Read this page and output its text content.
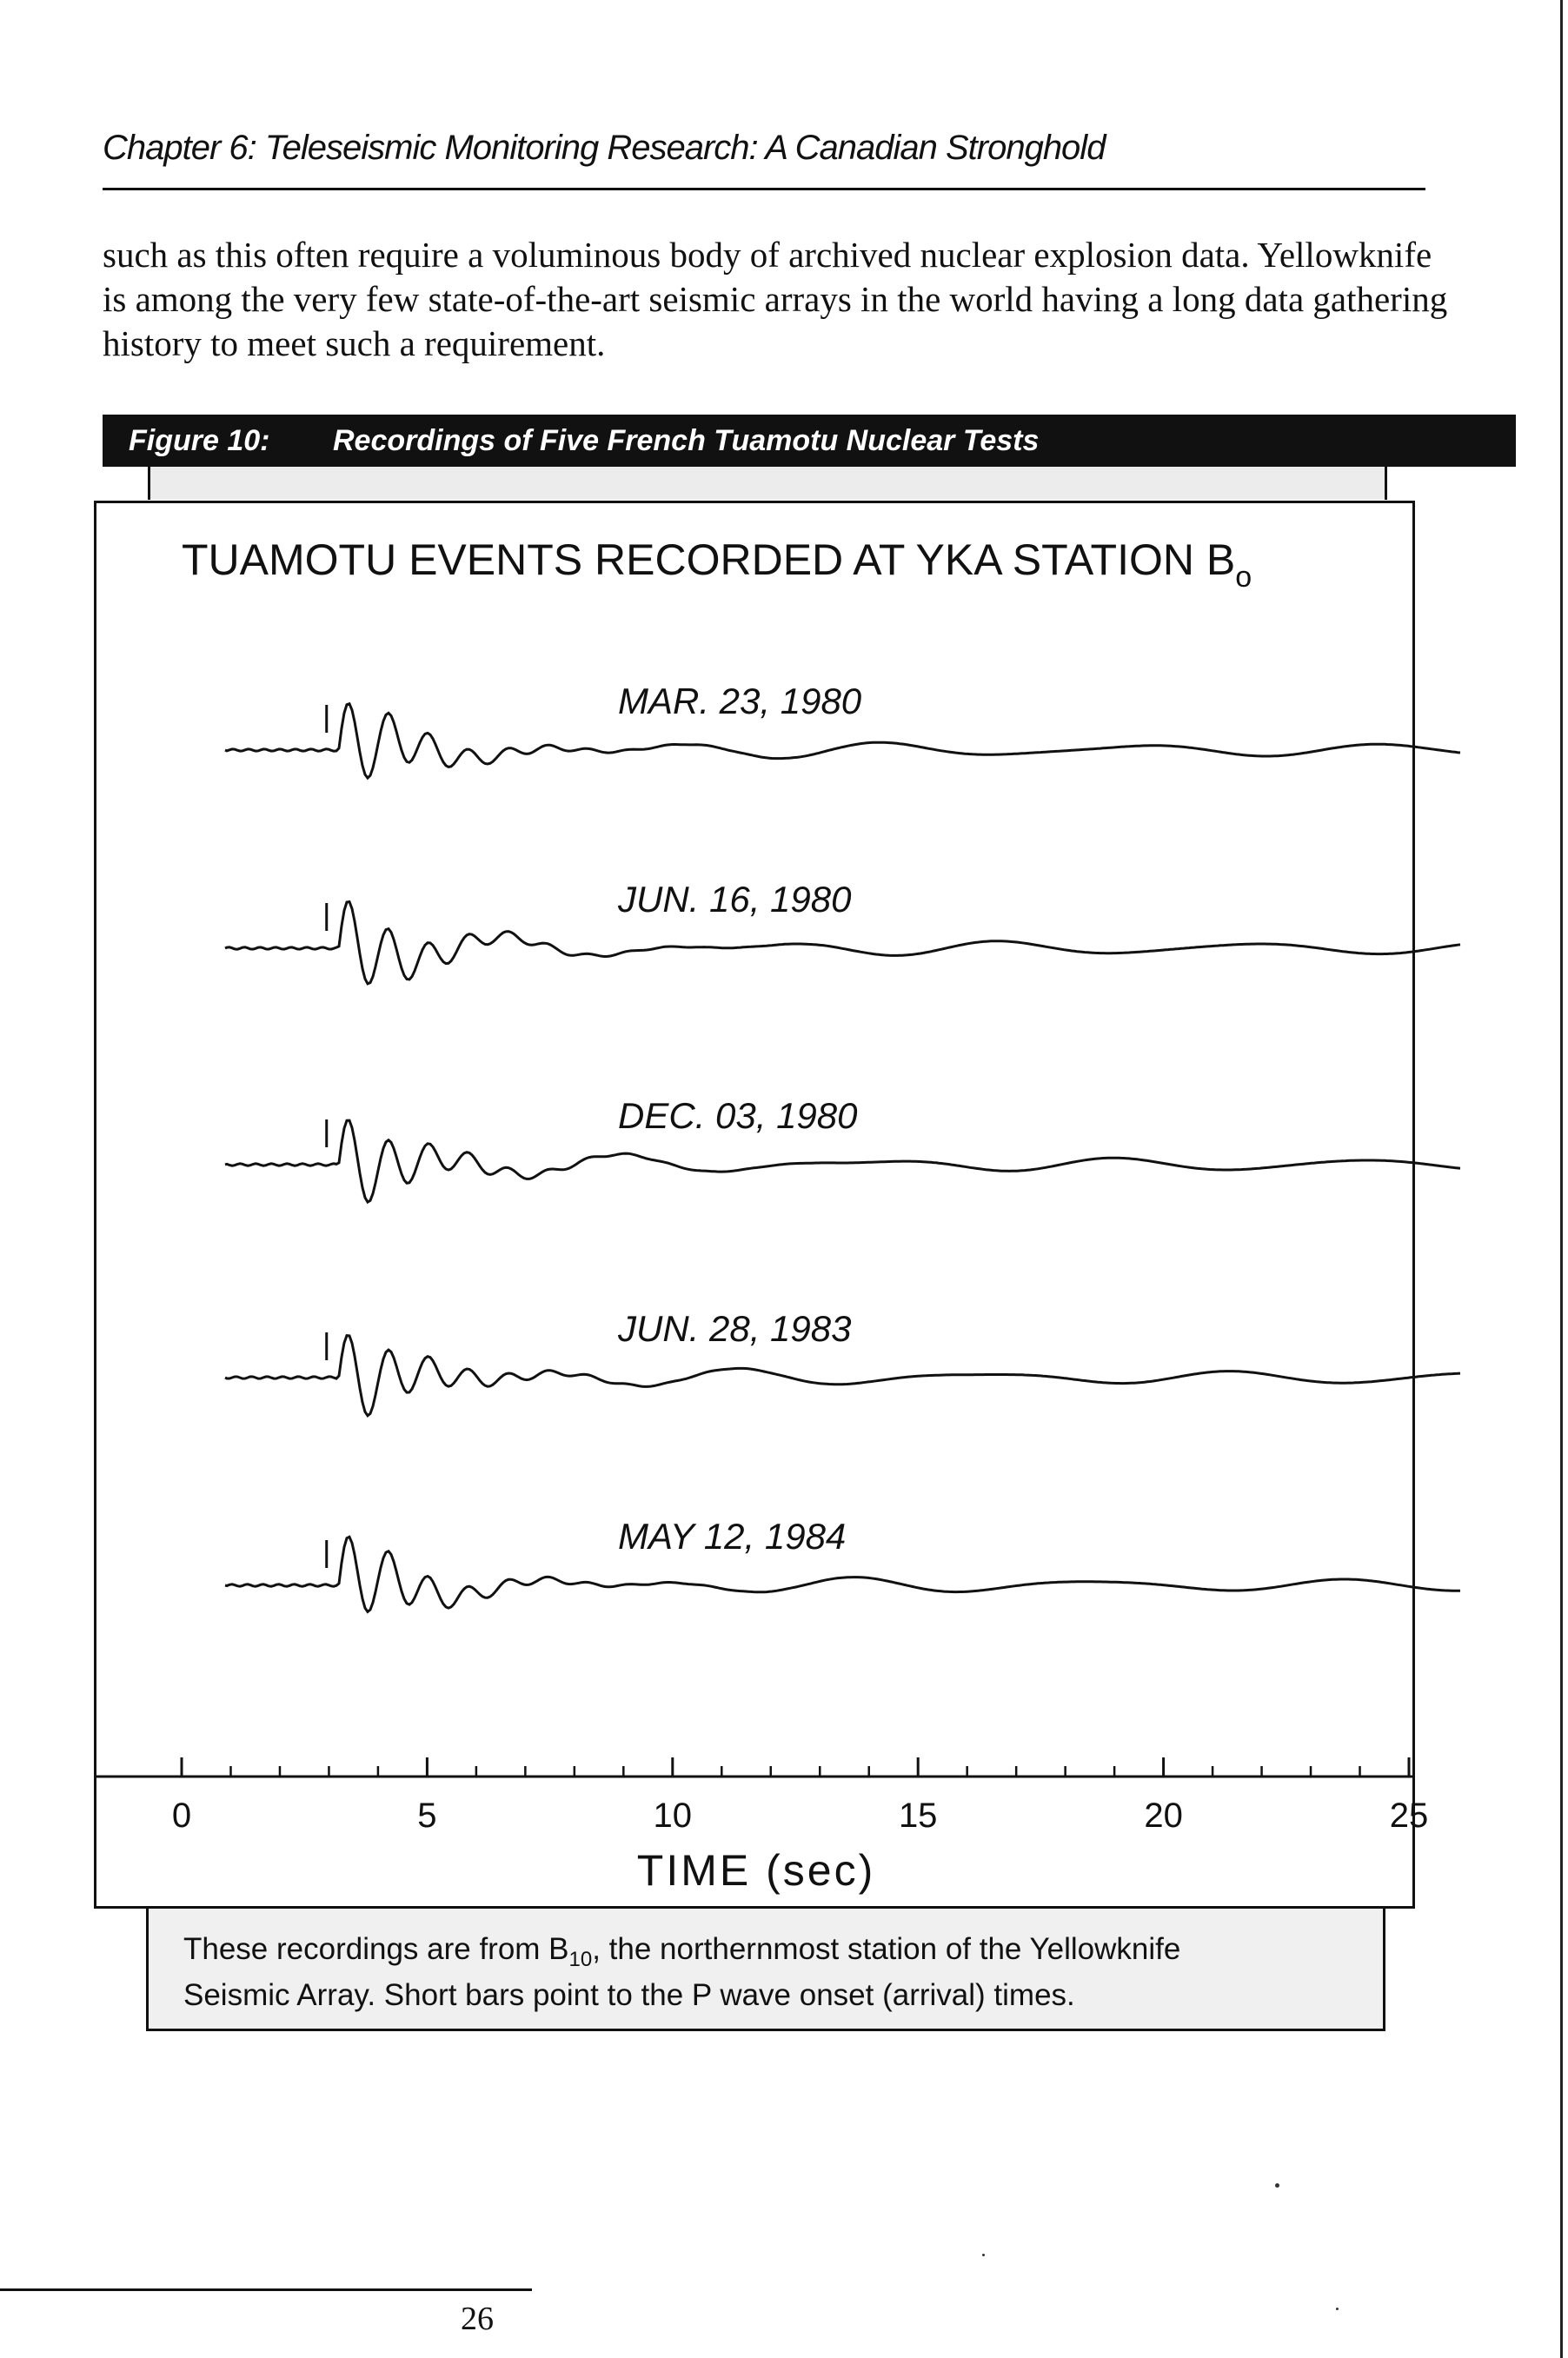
Chapter 6: Teleseismic Monitoring Research: A Canadian Stronghold
such as this often require a voluminous body of archived nuclear explosion data. Yellowknife is among the very few state-of-the-art seismic arrays in the world having a long data gathering history to meet such a requirement.
Figure 10: Recordings of Five French Tuamotu Nuclear Tests
TUAMOTU EVENTS RECORDED AT YKA STATION $B_o$
MAR. 23, 1980
JUN. 16, 1980
DEC. 03, 1980
JUN. 28, 1983
MAY 12, 1984
0	5	10	15	20	25
TIME (sec)
These recordings are from $B_{10}$, the northernmost station of the Yellowknife
Seismic Array. Short bars point to the P wave onset (arrival) times.
26
